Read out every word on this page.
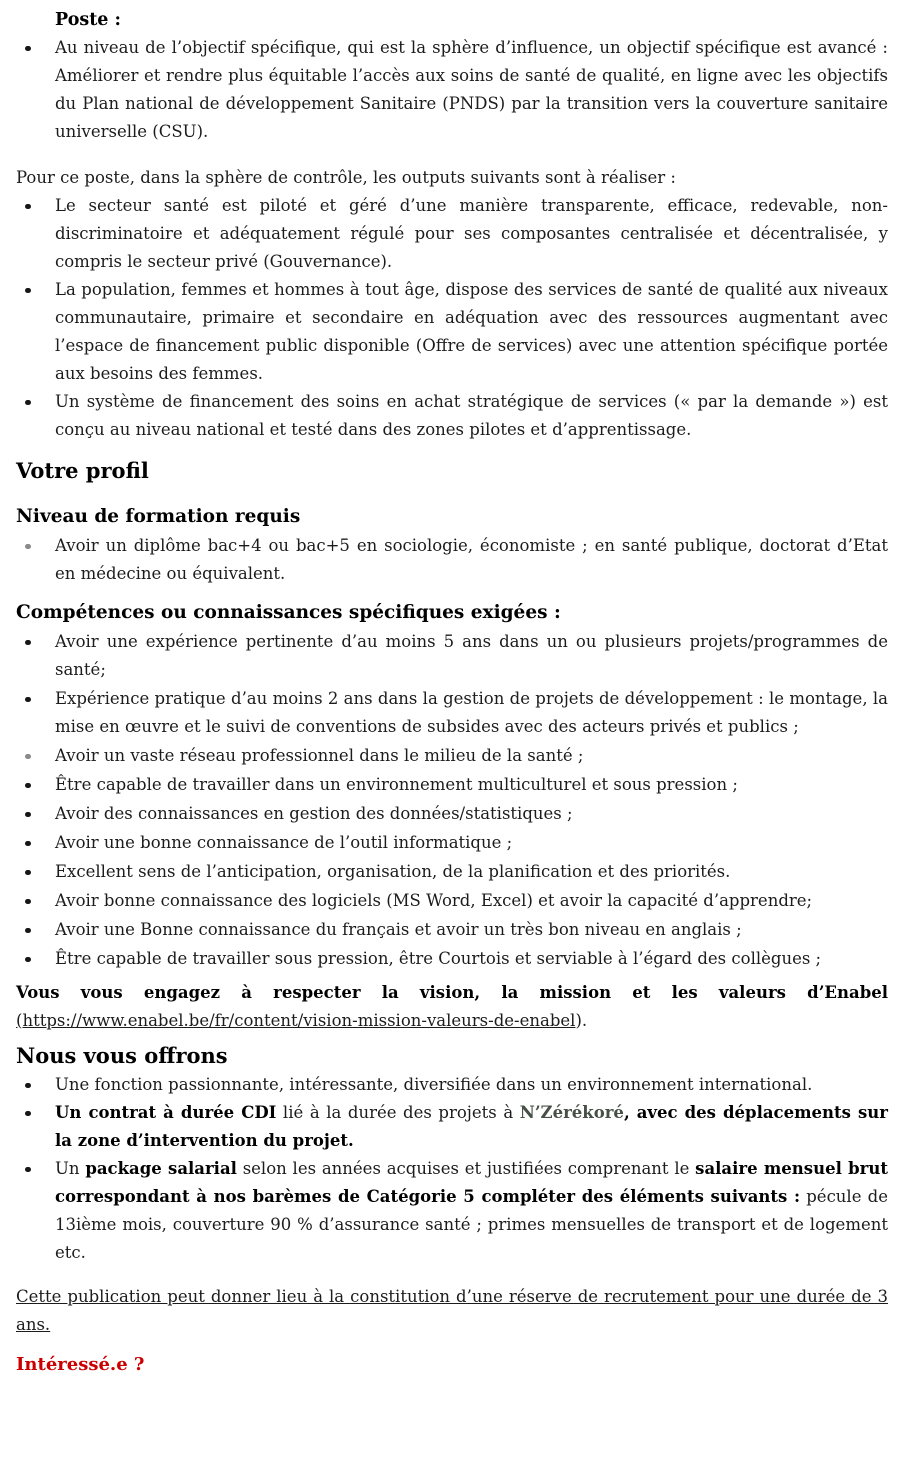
Poste :
Au niveau de l’objectif spécifique, qui est la sphère d’influence, un objectif spécifique est avancé : Améliorer et rendre plus équitable l’accès aux soins de santé de qualité, en ligne avec les objectifs du Plan national de développement Sanitaire (PNDS) par la transition vers la couverture sanitaire universelle (CSU).

Pour ce poste, dans la sphère de contrôle, les outputs suivants sont à réaliser :

Le secteur santé est piloté et géré d’une manière transparente, efficace, redevable, non-discriminatoire et adéquatement régulé pour ses composantes centralisée et décentralisée, y compris le secteur privé (Gouvernance).
La population, femmes et hommes à tout âge, dispose des services de santé de qualité aux niveaux communautaire, primaire et secondaire en adéquation avec des ressources augmentant avec l’espace de financement public disponible (Offre de services) avec une attention spécifique portée aux besoins des femmes.
Un système de financement des soins en achat stratégique de services (« par la demande ») est conçu au niveau national et testé dans des zones pilotes et d’apprentissage.
Votre profil
Niveau de formation requis
Avoir un diplôme bac+4 ou bac+5 en sociologie, économiste ; en santé publique, doctorat d’Etat en médecine ou équivalent.
Compétences ou connaissances spécifiques exigées :
Avoir une expérience pertinente d’au moins 5 ans dans un ou plusieurs projets/programmes de santé;
Expérience pratique d’au moins 2 ans dans la gestion de projets de développement : le montage, la mise en œuvre et le suivi de conventions de subsides avec des acteurs privés et publics ;
Avoir un vaste réseau professionnel dans le milieu de la santé ;
Être capable de travailler dans un environnement multiculturel et sous pression ;
Avoir des connaissances en gestion des données/statistiques ;
Avoir une bonne connaissance de l’outil informatique ;
Excellent sens de l’anticipation, organisation, de la planification et des priorités.
Avoir bonne connaissance des logiciels (MS Word, Excel) et avoir la capacité d’apprendre;
Avoir une Bonne connaissance du français et avoir un très bon niveau en anglais ;
Être capable de travailler sous pression, être Courtois et serviable à l’égard des collègues ;

Vous vous engagez à respecter la vision, la mission et les valeurs d’Enabel (https://www.enabel.be/fr/content/vision-mission-valeurs-de-enabel).

Nous vous offrons
Une fonction passionnante, intéressante, diversifiée dans un environnement international.
Un contrat à durée CDI lié à la durée des projets à N’Zérékoré, avec des déplacements sur la zone d’intervention du projet.
Un package salarial selon les années acquises et justifiées comprenant le salaire mensuel brut correspondant à nos barèmes de Catégorie 5 compléter des éléments suivants : pécule de 13ième mois, couverture 90 % d’assurance santé ; primes mensuelles de transport et de logement etc.

Cette publication peut donner lieu à la constitution d’une réserve de recrutement pour une durée de 3 ans.

Intéressé.e ?
